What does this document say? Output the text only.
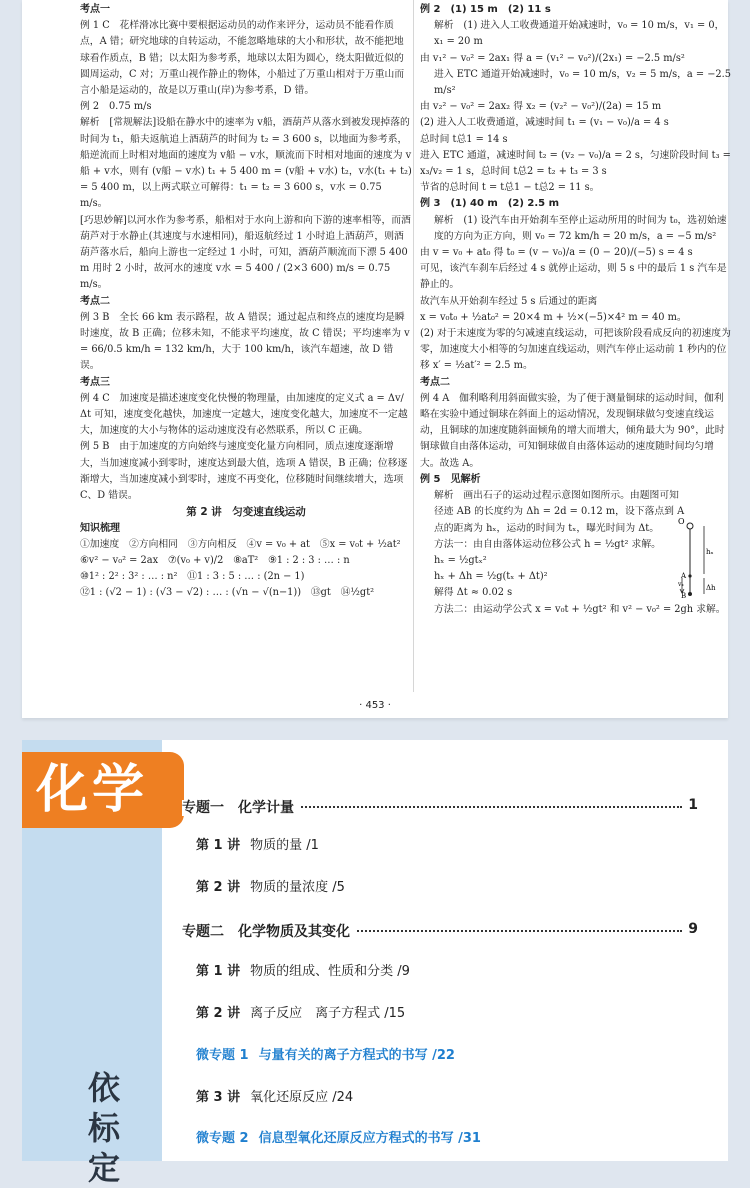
考点一

例 1 C　花样滑冰比赛中要根据运动员的动作来评分，运动员不能看作质点，A 错；研究地球的自转运动，不能忽略地球的大小和形状，故不能把地球看作质点，B 错；以太阳为参考系，地球以太阳为圆心，绕太阳做近似的圆周运动，C 对；万重山视作静止的物体，小船过了万重山相对于万重山而言小船是运动的，故是以万重山(岸)为参考系，D 错。

例 2　0.75 m/s

解析　[常规解法]设船在静水中的速率为 v船，酒葫芦从落水到被发现掉落的时间为 t₁，船夫返航追上酒葫芦的时间为 t₂ = 3 600 s，以地面为参考系，船逆流而上时相对地面的速度为 v船 − v水，顺流而下时相对地面的速度为 v船 + v水，则有 (v船 − v水) t₁ + 5 400 m = (v船 + v水) t₂，v水(t₁ + t₂) = 5 400 m，以上两式联立可解得：t₁ = t₂ = 3 600 s，v水 = 0.75 m/s。

[巧思妙解]以河水作为参考系，船相对于水向上游和向下游的速率相等，而酒葫芦对于水静止(其速度与水速相同)，船返航经过 1 小时追上酒葫芦，则酒葫芦落水后，船向上游也一定经过 1 小时，可知，酒葫芦顺流而下漂 5 400 m 用时 2 小时，故河水的速度 v水 = 5 400 / (2×3 600) m/s = 0.75 m/s。

考点二

例 3 B　全长 66 km 表示路程，故 A 错误；通过起点和终点的速度均是瞬时速度，故 B 正确；位移未知，不能求平均速度，故 C 错误；平均速率为 v = 66/0.5 km/h = 132 km/h，大于 100 km/h，该汽车超速，故 D 错误。

考点三

例 4 C　加速度是描述速度变化快慢的物理量，由加速度的定义式 a = Δv/Δt 可知，速度变化越快，加速度一定越大，速度变化越大，加速度不一定越大，加速度的大小与物体的运动速度没有必然联系，所以 C 正确。

例 5 B　由于加速度的方向始终与速度变化量方向相同，质点速度逐渐增大，当加速度减小到零时，速度达到最大值，选项 A 错误，B 正确；位移逐渐增大，当加速度减小到零时，速度不再变化，位移随时间继续增大，选项 C、D 错误。

第 2 讲　匀变速直线运动

知识梳理

①加速度　②方向相同　③方向相反　④v = v₀ + at　⑤x = v₀t + ½at²

⑥v² − v₀² = 2ax　⑦(v₀ + v)/2　⑧aT²　⑨1 : 2 : 3 : … : n

⑩1² : 2² : 3² : … : n²　⑪1 : 3 : 5 : … : (2n − 1)

⑫1 : (√2 − 1) : (√3 − √2) : … : (√n − √(n−1))　⑬gt　⑭½gt²

例 2　(1) 15 m　(2) 11 s

解析　(1) 进入人工收费通道开始减速时，v₀ = 10 m/s，v₁ = 0，x₁ = 20 m

由 v₁² − v₀² = 2ax₁ 得 a = (v₁² − v₀²)/(2x₁) = −2.5 m/s²

进入 ETC 通道开始减速时，v₀ = 10 m/s，v₂ = 5 m/s，a = −2.5 m/s²

由 v₂² − v₀² = 2ax₂ 得 x₂ = (v₂² − v₀²)/(2a) = 15 m

(2) 进入人工收费通道，减速时间 t₁ = (v₁ − v₀)/a = 4 s

总时间 t总1 = 14 s

进入 ETC 通道，减速时间 t₂ = (v₂ − v₀)/a = 2 s，匀速阶段时间 t₃ = x₃/v₂ = 1 s，总时间 t总2 = t₂ + t₃ = 3 s

节省的总时间 t = t总1 − t总2 = 11 s。

例 3　(1) 40 m　(2) 2.5 m

解析　(1) 设汽车由开始刹车至停止运动所用的时间为 t₀，选初始速度的方向为正方向，则 v₀ = 72 km/h = 20 m/s，a = −5 m/s²

由 v = v₀ + at₀ 得 t₀ = (v − v₀)/a = (0 − 20)/(−5) s = 4 s

可见，该汽车刹车后经过 4 s 就停止运动，则 5 s 中的最后 1 s 汽车是静止的。

故汽车从开始刹车经过 5 s 后通过的距离

x = v₀t₀ + ½at₀² = 20×4 m + ½×(−5)×4² m = 40 m。

(2) 对于末速度为零的匀减速直线运动，可把该阶段看成反向的初速度为零，加速度大小相等的匀加速直线运动，则汽车停止运动前 1 秒内的位移 x′ = ½at′² = 2.5 m。

考点二

例 4 A　伽利略利用斜面做实验，为了便于测量铜球的运动时间，伽利略在实验中通过铜球在斜面上的运动情况，发现铜球做匀变速直线运动，且铜球的加速度随斜面倾角的增大而增大，倾角最大为 90°，此时铜球做自由落体运动，可知铜球做自由落体运动的速度随时间均匀增大。故选 A。

例 5　见解析

解析　画出石子的运动过程示意图如图所示。由题图可知径迹 AB 的长度约为 Δh = 2d = 0.12 m，设下落点到 A 点的距离为 hₓ，运动的时间为 tₓ，曝光时间为 Δt。

方法一：由自由落体运动位移公式 h = ½gt² 求解。

hₓ = ½gtₓ²

hₓ + Δh = ½g(tₓ + Δt)²

解得 Δt ≈ 0.02 s

方法二：由运动学公式 x = v₀t + ½gt² 和 v² − v₀² = 2gh 求解。

O
A
B
hₓ
Δh
vₓ
· 453 ·
化学
依标定
专题一　化学计量	1
第 1 讲 物质的量 /1
第 2 讲 物质的量浓度 /5
专题二　化学物质及其变化	9
第 1 讲 物质的组成、性质和分类 /9
第 2 讲 离子反应　离子方程式 /15
微专题 1 与量有关的离子方程式的书写 /22
第 3 讲 氧化还原反应 /24
微专题 2 信息型氧化还原反应方程式的书写 /31
